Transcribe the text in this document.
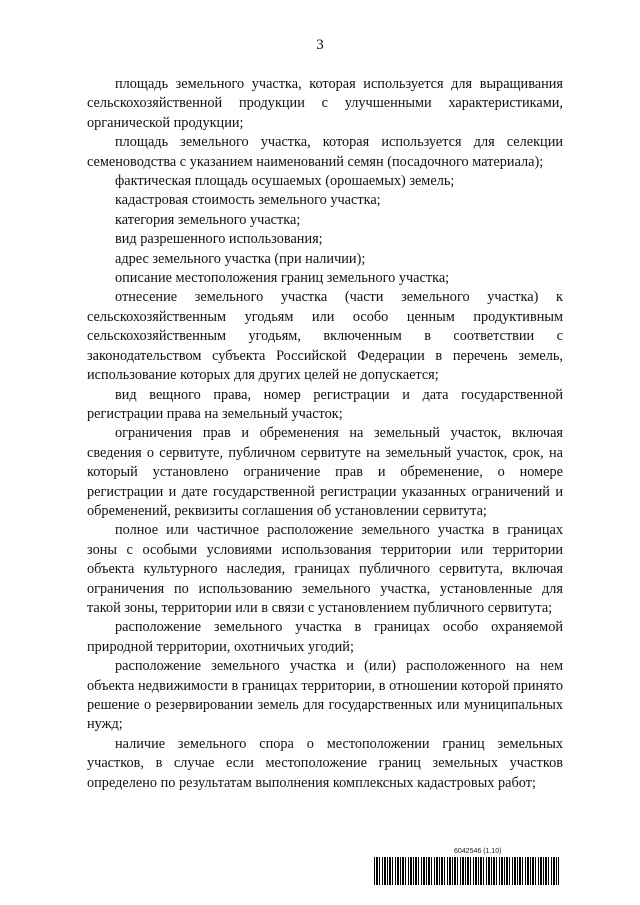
3

площадь земельного участка, которая используется для выращивания сельскохозяйственной продукции с улучшенными характеристиками, органической продукции;

площадь земельного участка, которая используется для селекции семеноводства с указанием наименований семян (посадочного материала);

фактическая площадь осушаемых (орошаемых) земель;

кадастровая стоимость земельного участка;

категория земельного участка;

вид разрешенного использования;

адрес земельного участка (при наличии);

описание местоположения границ земельного участка;

отнесение земельного участка (части земельного участка) к сельскохозяйственным угодьям или особо ценным продуктивным сельскохозяйственным угодьям, включенным в соответствии с законодательством субъекта Российской Федерации в перечень земель, использование которых для других целей не допускается;

вид вещного права, номер регистрации и дата государственной регистрации права на земельный участок;

ограничения прав и обременения на земельный участок, включая сведения о сервитуте, публичном сервитуте на земельный участок, срок, на который установлено ограничение прав и обременение, о номере регистрации и дате государственной регистрации указанных ограничений и обременений, реквизиты соглашения об установлении сервитута;

полное или частичное расположение земельного участка в границах зоны с особыми условиями использования территории или территории объекта культурного наследия, границах публичного сервитута, включая ограничения по использованию земельного участка, установленные для такой зоны, территории или в связи с установлением публичного сервитута;

расположение земельного участка в границах особо охраняемой природной территории, охотничьих угодий;

расположение земельного участка и (или) расположенного на нем объекта недвижимости в границах территории, в отношении которой принято решение о резервировании земель для государственных или муниципальных нужд;

наличие земельного спора о местоположении границ земельных участков, в случае если местоположение границ земельных участков определено по результатам выполнения комплексных кадастровых работ;

6042546 (1.10)
